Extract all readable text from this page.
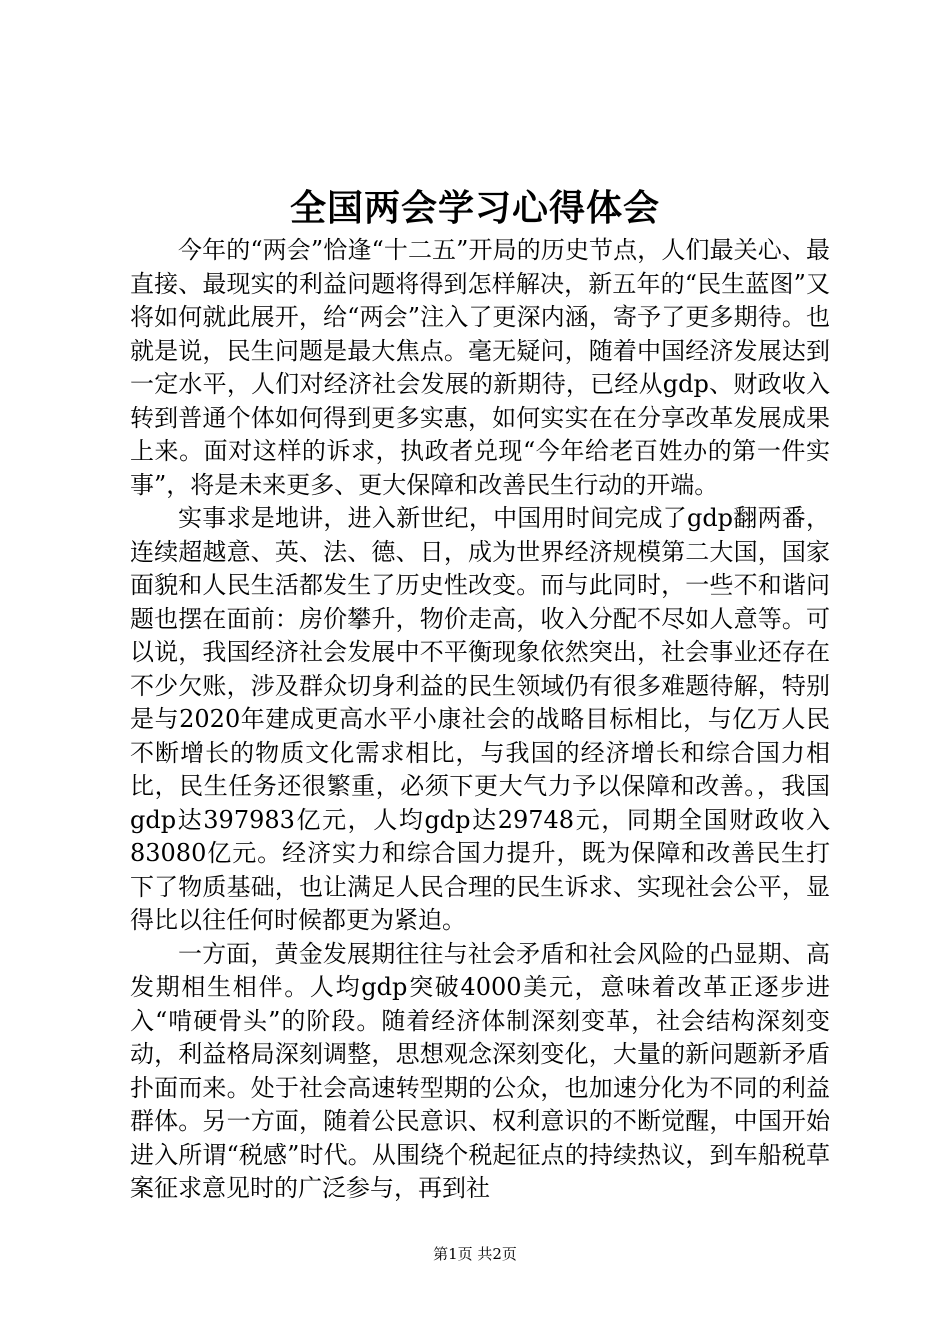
全国两会学习心得体会

今年的“两会”恰逢“十二五”开局的历史节点，人们最关心、最直接、最现实的利益问题将得到怎样解决，新五年的“民生蓝图”又将如何就此展开，给“两会”注入了更深内涵，寄予了更多期待。也就是说，民生问题是最大焦点。毫无疑问，随着中国经济发展达到一定水平，人们对经济社会发展的新期待，已经从gdp、财政收入转到普通个体如何得到更多实惠，如何实实在在分享改革发展成果上来。面对这样的诉求，执政者兑现“今年给老百姓办的第一件实事”，将是未来更多、更大保障和改善民生行动的开端。

实事求是地讲，进入新世纪，中国用时间完成了gdp翻两番，连续超越意、英、法、德、日，成为世界经济规模第二大国，国家面貌和人民生活都发生了历史性改变。而与此同时，一些不和谐问题也摆在面前：房价攀升，物价走高，收入分配不尽如人意等。可以说，我国经济社会发展中不平衡现象依然突出，社会事业还存在不少欠账，涉及群众切身利益的民生领域仍有很多难题待解，特别是与2020年建成更高水平小康社会的战略目标相比，与亿万人民不断增长的物质文化需求相比，与我国的经济增长和综合国力相比，民生任务还很繁重，必须下更大气力予以保障和改善。，我国gdp达397983亿元，人均gdp达29748元，同期全国财政收入83080亿元。经济实力和综合国力提升，既为保障和改善民生打下了物质基础，也让满足人民合理的民生诉求、实现社会公平，显得比以往任何时候都更为紧迫。

一方面，黄金发展期往往与社会矛盾和社会风险的凸显期、高发期相生相伴。人均gdp突破4000美元，意味着改革正逐步进入“啃硬骨头”的阶段。随着经济体制深刻变革，社会结构深刻变动，利益格局深刻调整，思想观念深刻变化，大量的新问题新矛盾扑面而来。处于社会高速转型期的公众，也加速分化为不同的利益群体。另一方面，随着公民意识、权利意识的不断觉醒，中国开始进入所谓“税感”时代。从围绕个税起征点的持续热议，到车船税草案征求意见时的广泛参与，再到社

第1页 共2页
